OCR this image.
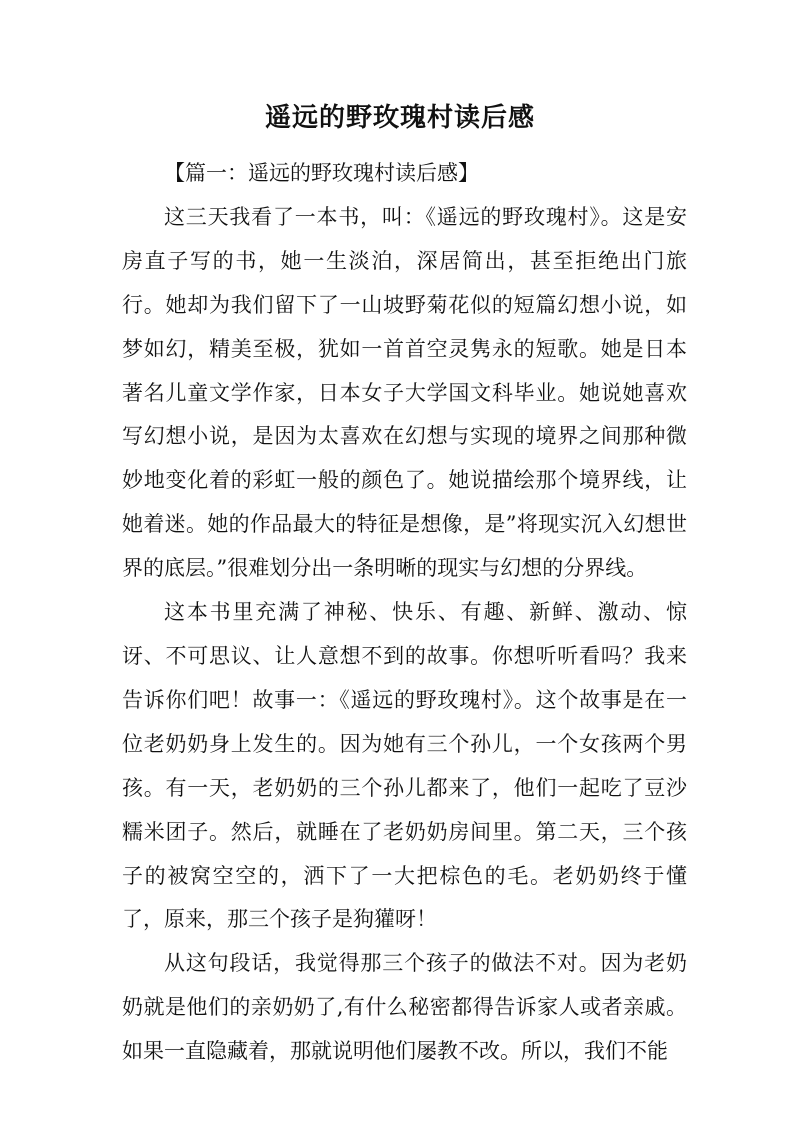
遥远的野玫瑰村读后感

【篇一：遥远的野玫瑰村读后感】

这三天我看了一本书，叫：《遥远的野玫瑰村》。这是安房直子写的书，她一生淡泊，深居简出，甚至拒绝出门旅行。她却为我们留下了一山坡野菊花似的短篇幻想小说，如梦如幻，精美至极，犹如一首首空灵隽永的短歌。她是日本著名儿童文学作家，日本女子大学国文科毕业。她说她喜欢写幻想小说，是因为太喜欢在幻想与实现的境界之间那种微妙地变化着的彩虹一般的颜色了。她说描绘那个境界线，让她着迷。她的作品最大的特征是想像，是”将现实沉入幻想世界的底层。”很难划分出一条明晰的现实与幻想的分界线。

这本书里充满了神秘、快乐、有趣、新鲜、激动、惊讶、不可思议、让人意想不到的故事。你想听听看吗？我来告诉你们吧！故事一：《遥远的野玫瑰村》。这个故事是在一位老奶奶身上发生的。因为她有三个孙儿，一个女孩两个男孩。有一天，老奶奶的三个孙儿都来了，他们一起吃了豆沙糯米团子。然后，就睡在了老奶奶房间里。第二天，三个孩子的被窝空空的，洒下了一大把棕色的毛。老奶奶终于懂了，原来，那三个孩子是狗獾呀！

从这句段话，我觉得那三个孩子的做法不对。因为老奶奶就是他们的亲奶奶了,有什么秘密都得告诉家人或者亲戚。如果一直隐藏着，那就说明他们屡教不改。所以，我们不能
